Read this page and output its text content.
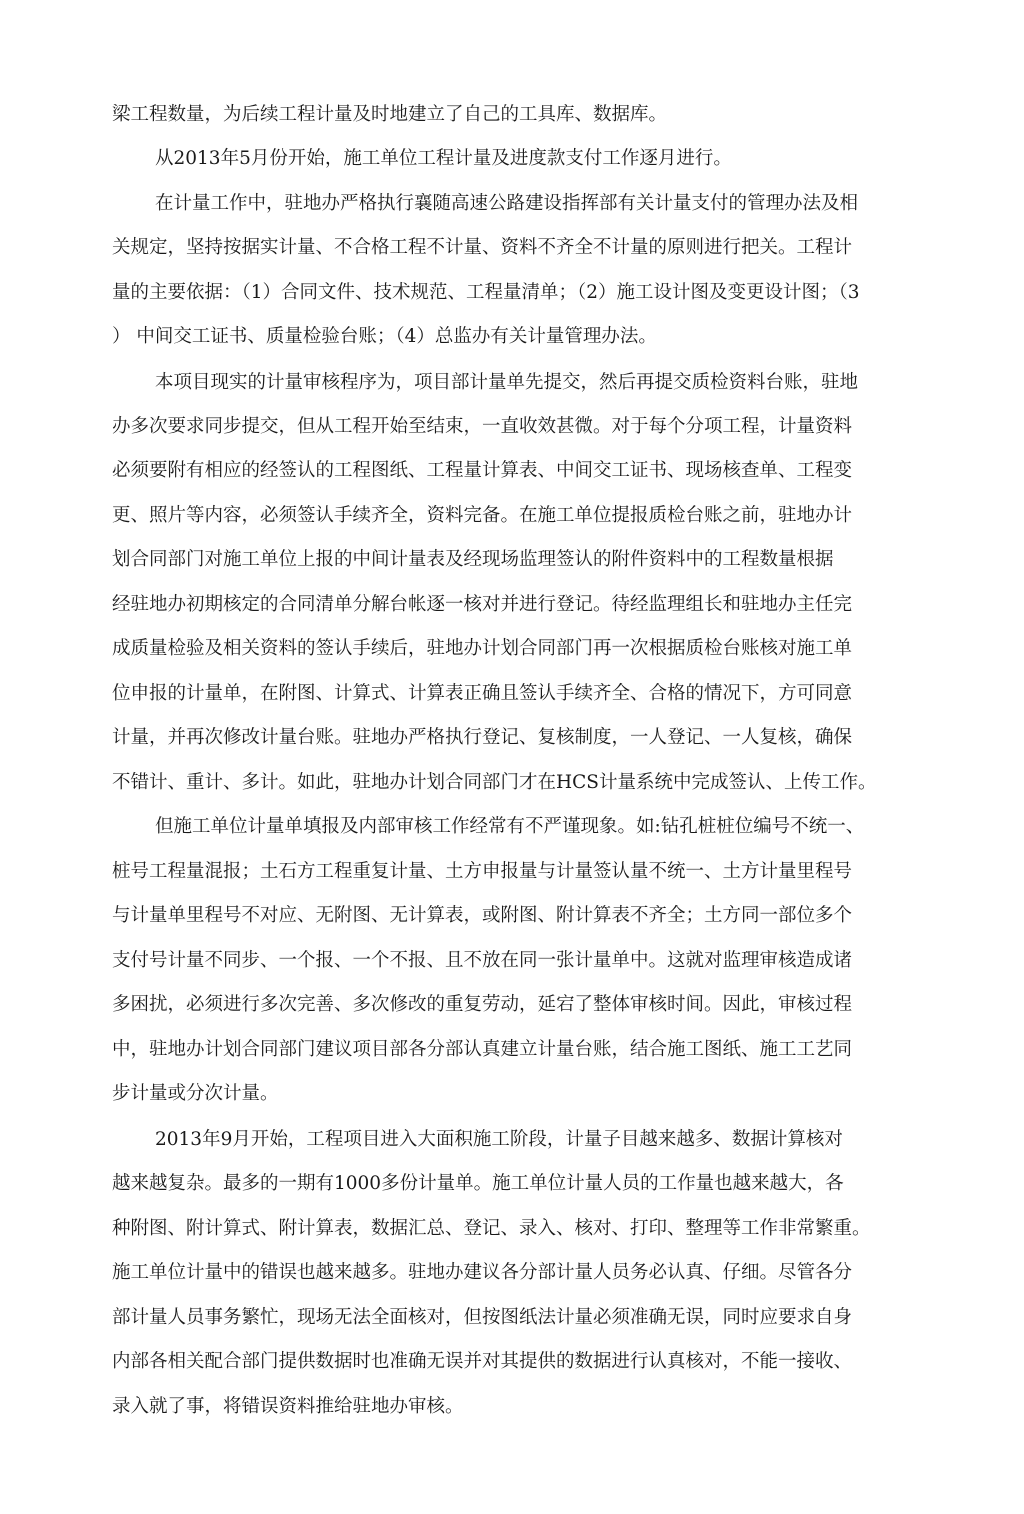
梁工程数量，为后续工程计量及时地建立了自己的工具库、数据库。
从2013年5月份开始，施工单位工程计量及进度款支付工作逐月进行。
在计量工作中，驻地办严格执行襄随高速公路建设指挥部有关计量支付的管理办法及相
关规定，坚持按据实计量、不合格工程不计量、资料不齐全不计量的原则进行把关。工程计
量的主要依据：（1）合同文件、技术规范、工程量清单；（2）施工设计图及变更设计图；（3
） 中间交工证书、质量检验台账；（4）总监办有关计量管理办法。
本项目现实的计量审核程序为，项目部计量单先提交，然后再提交质检资料台账，驻地
办多次要求同步提交，但从工程开始至结束，一直收效甚微。对于每个分项工程，计量资料
必须要附有相应的经签认的工程图纸、工程量计算表、中间交工证书、现场核查单、工程变
更、照片等内容，必须签认手续齐全，资料完备。在施工单位提报质检台账之前，驻地办计
划合同部门对施工单位上报的中间计量表及经现场监理签认的附件资料中的工程数量根据
经驻地办初期核定的合同清单分解台帐逐一核对并进行登记。待经监理组长和驻地办主任完
成质量检验及相关资料的签认手续后，驻地办计划合同部门再一次根据质检台账核对施工单
位申报的计量单，在附图、计算式、计算表正确且签认手续齐全、合格的情况下，方可同意
计量，并再次修改计量台账。驻地办严格执行登记、复核制度，一人登记、一人复核，确保
不错计、重计、多计。如此，驻地办计划合同部门才在HCS计量系统中完成签认、上传工作。
但施工单位计量单填报及内部审核工作经常有不严谨现象。如:钻孔桩桩位编号不统一、
桩号工程量混报；土石方工程重复计量、土方申报量与计量签认量不统一、土方计量里程号
与计量单里程号不对应、无附图、无计算表，或附图、附计算表不齐全；土方同一部位多个
支付号计量不同步、一个报、一个不报、且不放在同一张计量单中。这就对监理审核造成诸
多困扰，必须进行多次完善、多次修改的重复劳动，延宕了整体审核时间。因此，审核过程
中，驻地办计划合同部门建议项目部各分部认真建立计量台账，结合施工图纸、施工工艺同
步计量或分次计量。
2013年9月开始，工程项目进入大面积施工阶段，计量子目越来越多、数据计算核对
越来越复杂。最多的一期有1000多份计量单。施工单位计量人员的工作量也越来越大，各
种附图、附计算式、附计算表，数据汇总、登记、录入、核对、打印、整理等工作非常繁重。
施工单位计量中的错误也越来越多。驻地办建议各分部计量人员务必认真、仔细。尽管各分
部计量人员事务繁忙，现场无法全面核对，但按图纸法计量必须准确无误，同时应要求自身
内部各相关配合部门提供数据时也准确无误并对其提供的数据进行认真核对，不能一接收、
录入就了事，将错误资料推给驻地办审核。
